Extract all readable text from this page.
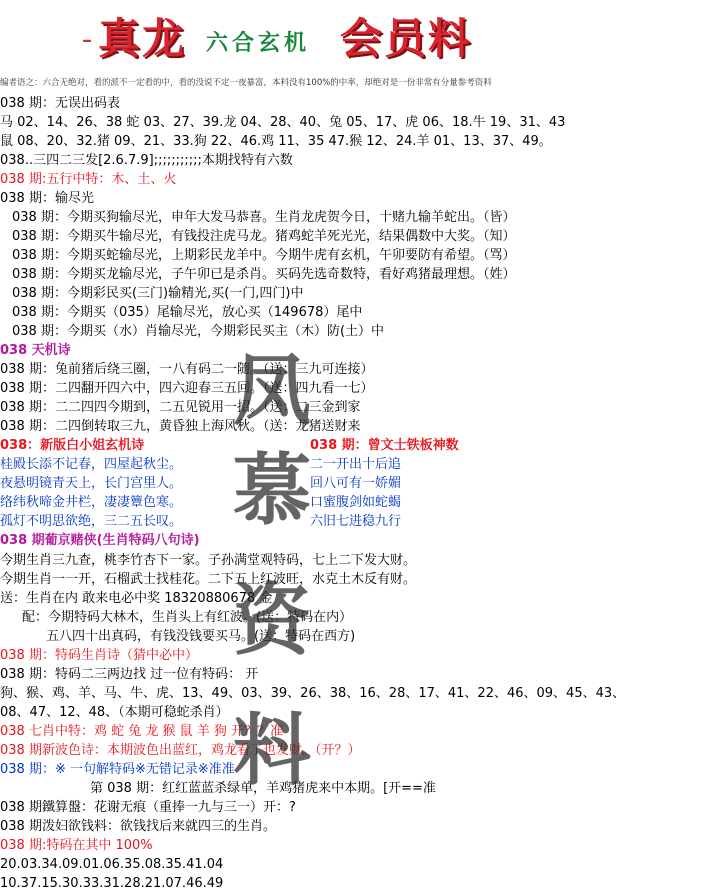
- 真龙 六合玄机 会员料
编者语之：六合无绝对，看的派不一定看的中，看的没说不定一夜暴富，本料没有100%的中率，却绝对是一份非常有分量参考资料
038 期：无误出码表
马 02、14、26、38 蛇 03、27、39.龙 04、28、40、兔 05、17、虎 06、18.牛 19、31、43
鼠 08、20、32.猪 09、21、33.狗 22、46.鸡 11、35 47.猴 12、24.羊 01、13、37、49。
038..三四二三发[2.6.7.9];;;;;;;;;;;本期找特有六数
038 期:五行中特：木、土、火
038 期：输尽光
038 期：今期买狗输尽光，申年大发马恭喜。生肖龙虎贺今日，十赌九输羊蛇出。（皆）
038 期：今期买牛输尽光，有钱投注虎马龙。猪鸡蛇羊死光光，结果偶数中大奖。（知）
038 期：今期买蛇输尽光，上期彩民龙羊中。今期牛虎有玄机，午卯要防有希望。（骂）
038 期：今期买龙输尽光，子午卯已是杀肖。买码先选奇数特，看好鸡猪最理想。（姓）
038 期：今期彩民买(三门)输精光,买(一门,四门)中
038 期：今期买（035）尾输尽光，放心买（149678）尾中
038 期：今期买（水）肖输尽光，今期彩民买主（木）防(土）中
038 天机诗
038 期：兔前猪后绕三圈，一八有码二一随。（送：三九可连接）
038 期：二四翻开四六中，四六迎春三五回。（送：四九看一七）
038 期：二二四四今期到，二五见锐用一招。（送：二三金到家
038 期：二四倒转取三九，黄昏独上海风秋。（送：龙猪送财来
038：新版白小姐玄机诗	038 期：曾文士铁板神数
桂殿长添不记春，四屋起秋尘。	二一开出十后追
夜悬明镜青天上，长门宫里人。	回八可有一娇媚
络纬秋啼金井栏，凄凄簟色寒。	口蜜腹剑如蛇蝎
孤灯不明思欲绝，三二五长叹。	六旧七进稳九行
038 期葡京赌侠(生肖特码八句诗)
今期生肖三九查，桃李竹杏下一家。子孙满堂观特码，七上二下发大财。
今期生肖一一开，石榴武士找桂花。二下五上红波旺，水克土木反有财。
送：生肖在内 敢来电必中奖 18320880678 金
配：今期特码大林木，生肖头上有红波。(送：特码在内）
五八四十出真码，有钱没钱要买马。(送：特码在西方)
038 期：特码生肖诗（猜中必中）
038 期：特码二三两边找 过一位有特码： 开
狗、猴、鸡、羊、马、牛、虎、13、49、03、39、26、38、16、28、17、41、22、46、09、45、43、
08、47、12、48、（本期可稳蛇杀肖）
038 七肖中特：鸡 蛇 兔 龙 猴 鼠 羊 狗 开？？准
038 期新波色诗：本期波色出蓝红，鸡龙看了也发财。（开？）
038 期：※ 一句解特码※无错记录※准准
第 038 期：红红蓝蓝杀绿单，羊鸡猪虎来中本期。[开==准
038 期鐵算盤：花谢无痕（重捧一九与三一）开：?
038 期泼妇欲钱料：欲钱找后来就四三的生肖。
038 期:特码在其中 100%
20.03.34.09.01.06.35.08.35.41.04
10.37.15.30.33.31.28.21.07.46.49
凤
慕
资
料
